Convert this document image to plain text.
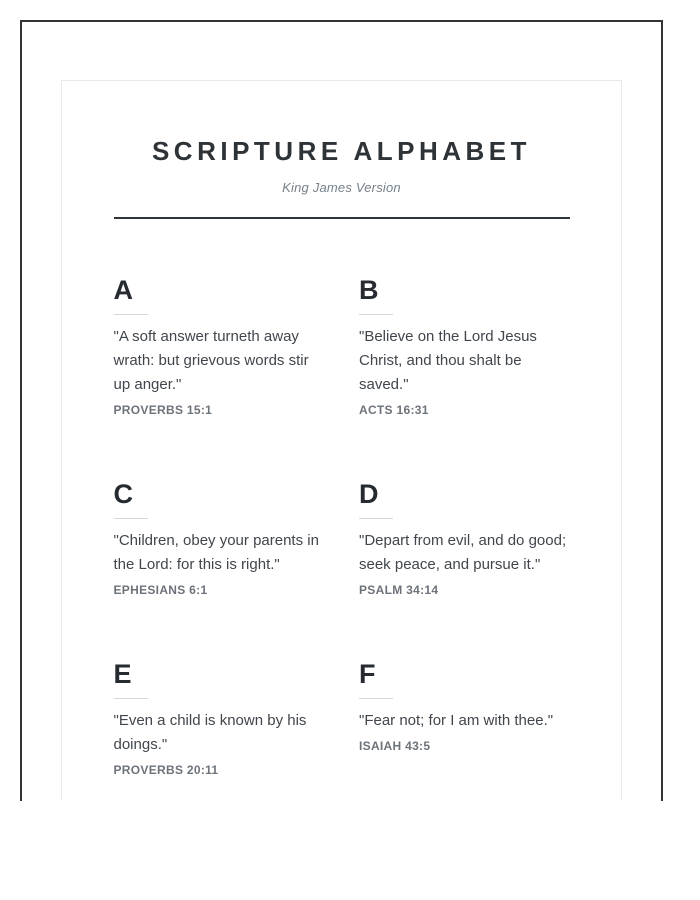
SCRIPTURE ALPHABET

King James Version

A

"A soft answer turneth away wrath: but grievous words stir up anger."

PROVERBS 15:1
B

"Believe on the Lord Jesus Christ, and thou shalt be saved."

ACTS 16:31
C

"Children, obey your parents in the Lord: for this is right."

EPHESIANS 6:1
D

"Depart from evil, and do good; seek peace, and pursue it."

PSALM 34:14
E

"Even a child is known by his doings."

PROVERBS 20:11
F

"Fear not; for I am with thee."

ISAIAH 43:5
